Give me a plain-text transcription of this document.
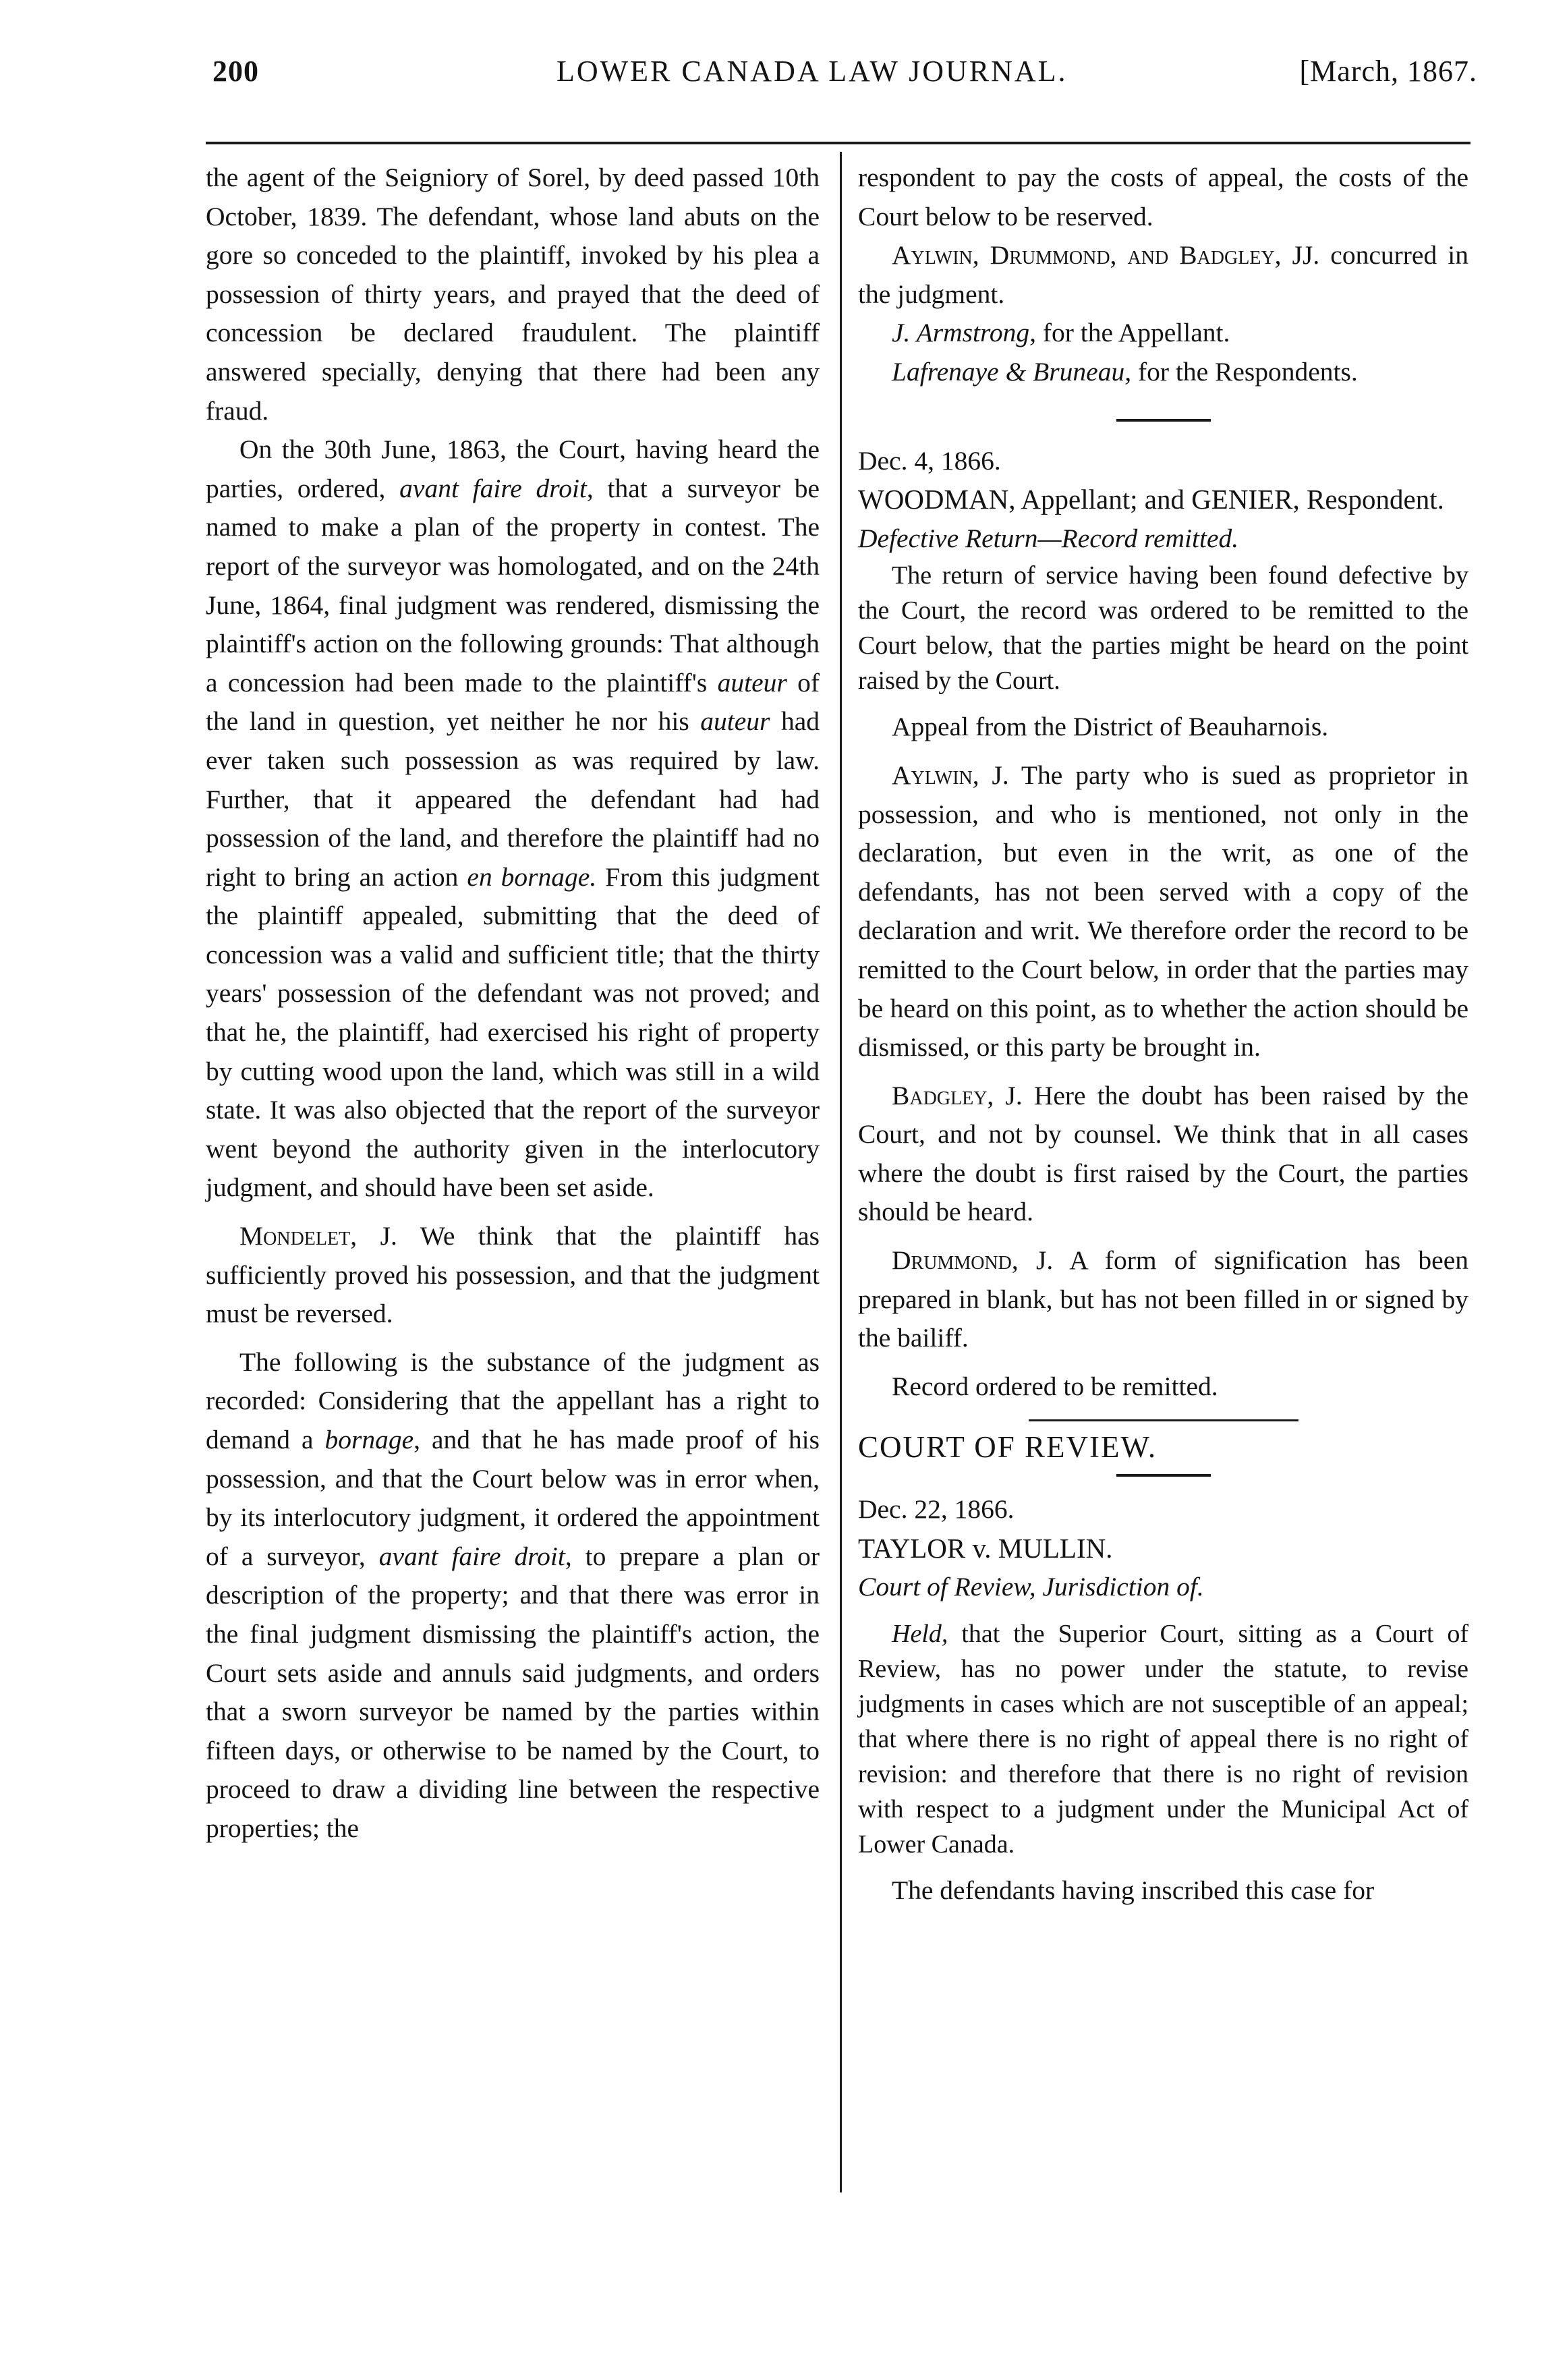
200	LOWER CANADA LAW JOURNAL.	[March, 1867.

the agent of the Seigniory of Sorel, by deed passed 10th October, 1839. The defendant, whose land abuts on the gore so conceded to the plaintiff, invoked by his plea a possession of thirty years, and prayed that the deed of concession be declared fraudulent. The plaintiff answered specially, denying that there had been any fraud.

On the 30th June, 1863, the Court, having heard the parties, ordered, avant faire droit, that a surveyor be named to make a plan of the property in contest. The report of the surveyor was homologated, and on the 24th June, 1864, final judgment was rendered, dismissing the plaintiff's action on the following grounds: That although a concession had been made to the plaintiff's auteur of the land in question, yet neither he nor his auteur had ever taken such possession as was required by law. Further, that it appeared the defendant had had possession of the land, and therefore the plaintiff had no right to bring an action en bornage. From this judgment the plaintiff appealed, submitting that the deed of concession was a valid and sufficient title; that the thirty years' possession of the defendant was not proved; and that he, the plaintiff, had exercised his right of property by cutting wood upon the land, which was still in a wild state. It was also objected that the report of the surveyor went beyond the authority given in the interlocutory judgment, and should have been set aside.

Mondelet, J. We think that the plaintiff has sufficiently proved his possession, and that the judgment must be reversed.

The following is the substance of the judgment as recorded: Considering that the appellant has a right to demand a bornage, and that he has made proof of his possession, and that the Court below was in error when, by its interlocutory judgment, it ordered the appointment of a surveyor, avant faire droit, to prepare a plan or description of the property; and that there was error in the final judgment dismissing the plaintiff's action, the Court sets aside and annuls said judgments, and orders that a sworn surveyor be named by the parties within fifteen days, or otherwise to be named by the Court, to proceed to draw a dividing line between the respective properties; the

respondent to pay the costs of appeal, the costs of the Court below to be reserved.

Aylwin, Drummond, and Badgley, JJ. concurred in the judgment.

J. Armstrong, for the Appellant.

Lafrenaye & Bruneau, for the Respondents.

Dec. 4, 1866.

WOODMAN, Appellant; and GENIER, Respondent.

Defective Return—Record remitted.

The return of service having been found defective by the Court, the record was ordered to be remitted to the Court below, that the parties might be heard on the point raised by the Court.

Appeal from the District of Beauharnois.

Aylwin, J. The party who is sued as proprietor in possession, and who is mentioned, not only in the declaration, but even in the writ, as one of the defendants, has not been served with a copy of the declaration and writ. We therefore order the record to be remitted to the Court below, in order that the parties may be heard on this point, as to whether the action should be dismissed, or this party be brought in.

Badgley, J. Here the doubt has been raised by the Court, and not by counsel. We think that in all cases where the doubt is first raised by the Court, the parties should be heard.

Drummond, J. A form of signification has been prepared in blank, but has not been filled in or signed by the bailiff.

Record ordered to be remitted.

COURT OF REVIEW.

Dec. 22, 1866.

TAYLOR v. MULLIN.

Court of Review, Jurisdiction of.

Held, that the Superior Court, sitting as a Court of Review, has no power under the statute, to revise judgments in cases which are not susceptible of an appeal; that where there is no right of appeal there is no right of revision: and therefore that there is no right of revision with respect to a judgment under the Municipal Act of Lower Canada.

The defendants having inscribed this case for
